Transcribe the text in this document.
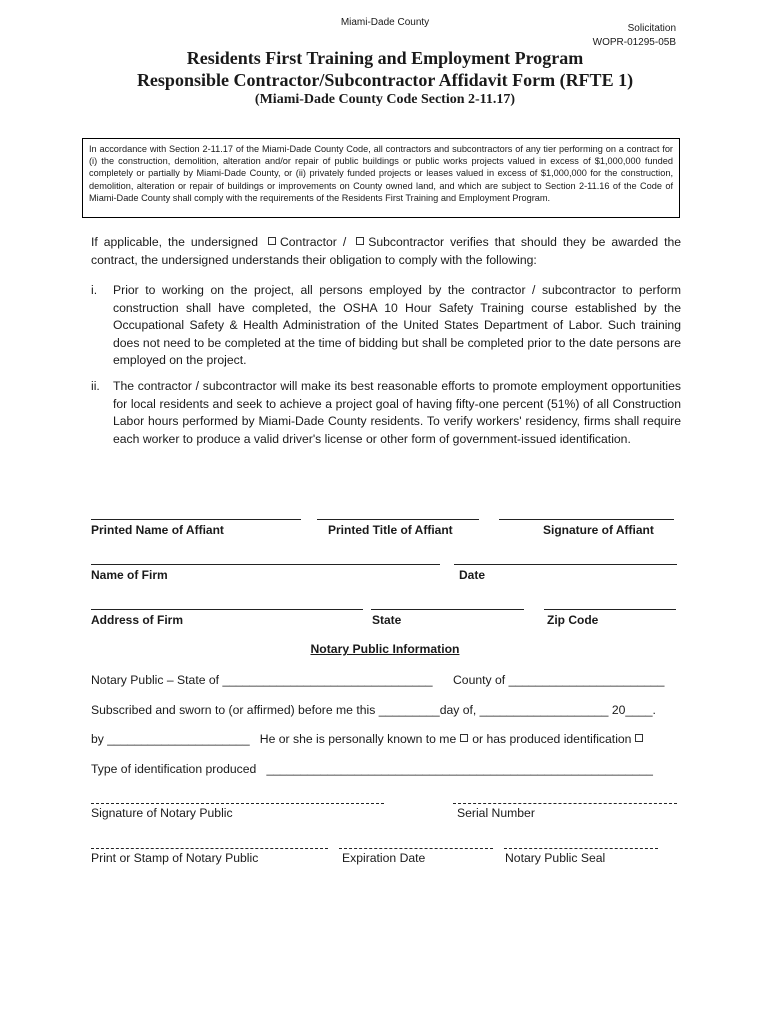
Miami-Dade County
Solicitation
WOPR-01295-05B
Residents First Training and Employment Program
Responsible Contractor/Subcontractor Affidavit Form (RFTE 1)
(Miami-Dade County Code Section 2-11.17)
In accordance with Section 2-11.17 of the Miami-Dade County Code, all contractors and subcontractors of any tier performing on a contract for (i) the construction, demolition, alteration and/or repair of public buildings or public works projects valued in excess of $1,000,000 funded completely or partially by Miami-Dade County, or (ii) privately funded projects or leases valued in excess of $1,000,000 for the construction, demolition, alteration or repair of buildings or improvements on County owned land, and which are subject to Section 2-11.16 of the Code of Miami-Dade County shall comply with the requirements of the Residents First Training and Employment Program.
If applicable, the undersigned Contractor / Subcontractor verifies that should they be awarded the contract, the undersigned understands their obligation to comply with the following:
i. Prior to working on the project, all persons employed by the contractor / subcontractor to perform construction shall have completed, the OSHA 10 Hour Safety Training course established by the Occupational Safety & Health Administration of the United States Department of Labor. Such training does not need to be completed at the time of bidding but shall be completed prior to the date persons are employed on the project.
ii. The contractor / subcontractor will make its best reasonable efforts to promote employment opportunities for local residents and seek to achieve a project goal of having fifty-one percent (51%) of all Construction Labor hours performed by Miami-Dade County residents. To verify workers' residency, firms shall require each worker to produce a valid driver's license or other form of government-issued identification.
Printed Name of Affiant	Printed Title of Affiant	Signature of Affiant
Name of Firm	Date
Address of Firm	State	Zip Code
Notary Public Information
Notary Public – State of _______________________________ County of _______________________
Subscribed and sworn to (or affirmed) before me this _________day of, ___________________ 20____.
by _____________________ He or she is personally known to me or has produced identification
Type of identification produced _________________________________________________________
Signature of Notary Public	Serial Number
Print or Stamp of Notary Public	Expiration Date	Notary Public Seal
